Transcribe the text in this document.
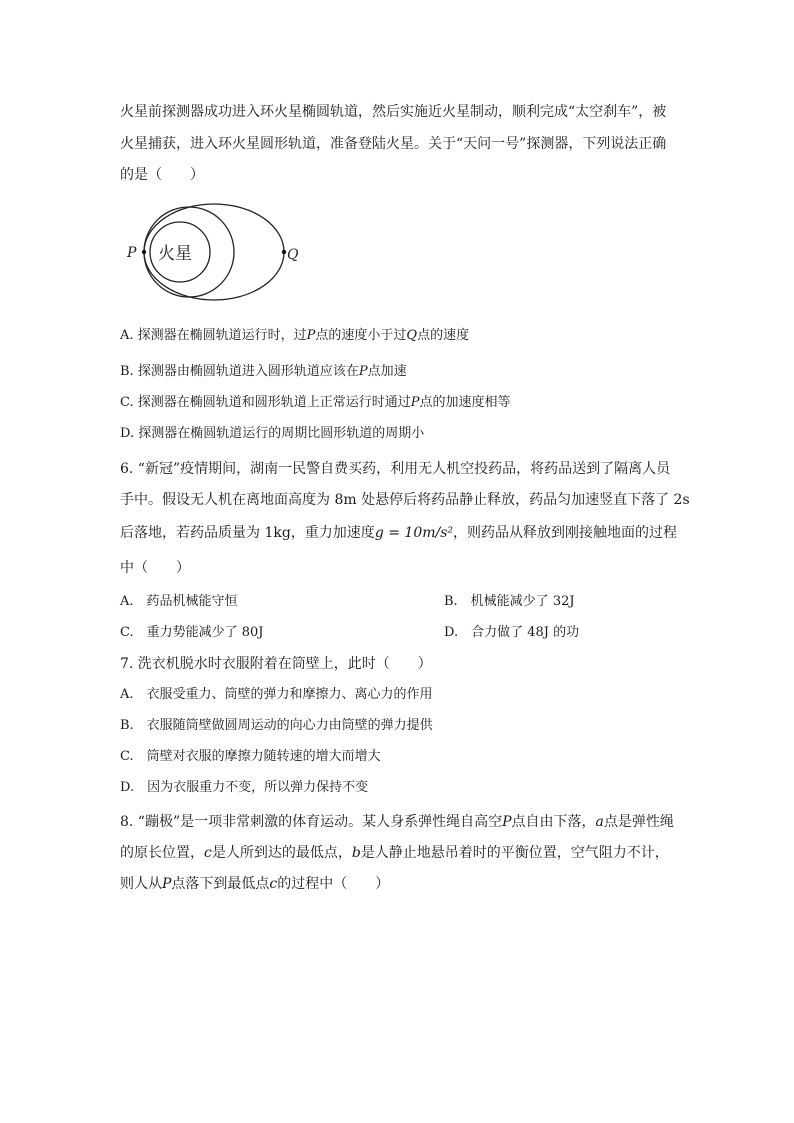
火星前探测器成功进入环火星椭圆轨道，然后实施近火星制动，顺利完成“太空刹车”，被
火星捕获，进入环火星圆形轨道，准备登陆火星。关于“天问一号”探测器，下列说法正确
的是（　　）
火星
P	Q
A. 探测器在椭圆轨道运行时，过P点的速度小于过Q点的速度
B. 探测器由椭圆轨道进入圆形轨道应该在P点加速
C. 探测器在椭圆轨道和圆形轨道上正常运行时通过P点的加速度相等
D. 探测器在椭圆轨道运行的周期比圆形轨道的周期小
6. “新冠”疫情期间，湖南一民警自费买药，利用无人机空投药品，将药品送到了隔离人员
手中。假设无人机在离地面高度为 8m 处悬停后将药品静止释放，药品匀加速竖直下落了 2s
后落地，若药品质量为 1kg，重力加速度g = 10m/s²，则药品从释放到刚接触地面的过程
中（　　）
A.　药品机械能守恒	B.　机械能减少了 32J
C.　重力势能减少了 80J	D.　合力做了 48J 的功
7. 洗衣机脱水时衣服附着在筒壁上，此时（　　）
A.　衣服受重力、筒壁的弹力和摩擦力、离心力的作用
B.　衣服随筒壁做圆周运动的向心力由筒壁的弹力提供
C.　筒壁对衣服的摩擦力随转速的增大而增大
D.　因为衣服重力不变，所以弹力保持不变
8. “蹦极”是一项非常刺激的体育运动。某人身系弹性绳自高空P点自由下落，a点是弹性绳
的原长位置，c是人所到达的最低点，b是人静止地悬吊着时的平衡位置，空气阻力不计，
则人从P点落下到最低点c的过程中（　　）
